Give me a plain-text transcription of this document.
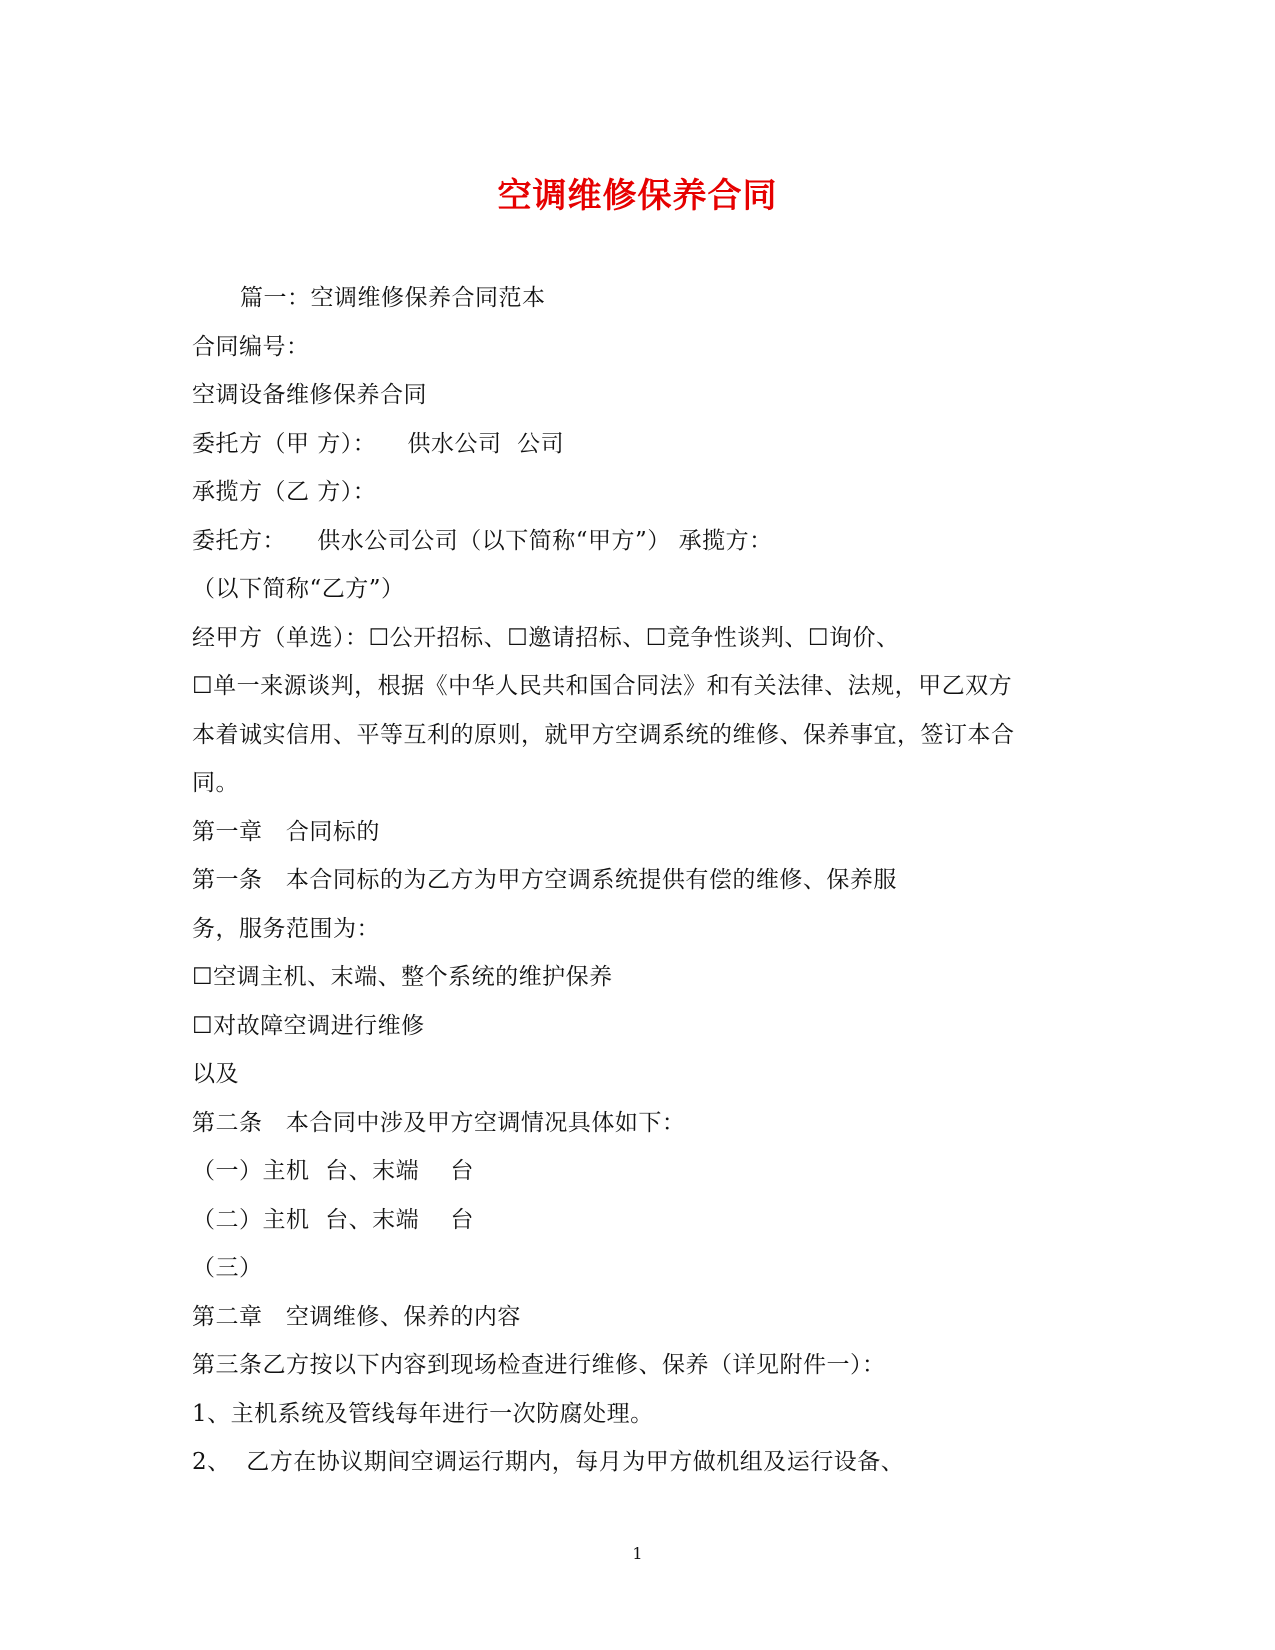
空调维修保养合同
篇一：空调维修保养合同范本
合同编号：
空调设备维修保养合同
委托方（甲 方）：    供水公司  公司
承揽方（乙 方）：
委托方：    供水公司公司（以下简称“甲方”） 承揽方：
（以下简称“乙方”）
经甲方（单选）：☐公开招标、☐邀请招标、☐竞争性谈判、☐询价、
☐单一来源谈判，根据《中华人民共和国合同法》和有关法律、法规，甲乙双方
本着诚实信用、平等互利的原则，就甲方空调系统的维修、保养事宜，签订本合
同。
第一章   合同标的
第一条   本合同标的为乙方为甲方空调系统提供有偿的维修、保养服
务，服务范围为：
☐空调主机、末端、整个系统的维护保养
☐对故障空调进行维修
以及
第二条   本合同中涉及甲方空调情况具体如下：
（一）主机  台、末端    台
（二）主机  台、末端    台
（三）
第二章   空调维修、保养的内容
第三条乙方按以下内容到现场检查进行维修、保养（详见附件一）：
1、主机系统及管线每年进行一次防腐处理。
2、  乙方在协议期间空调运行期内，每月为甲方做机组及运行设备、
1
